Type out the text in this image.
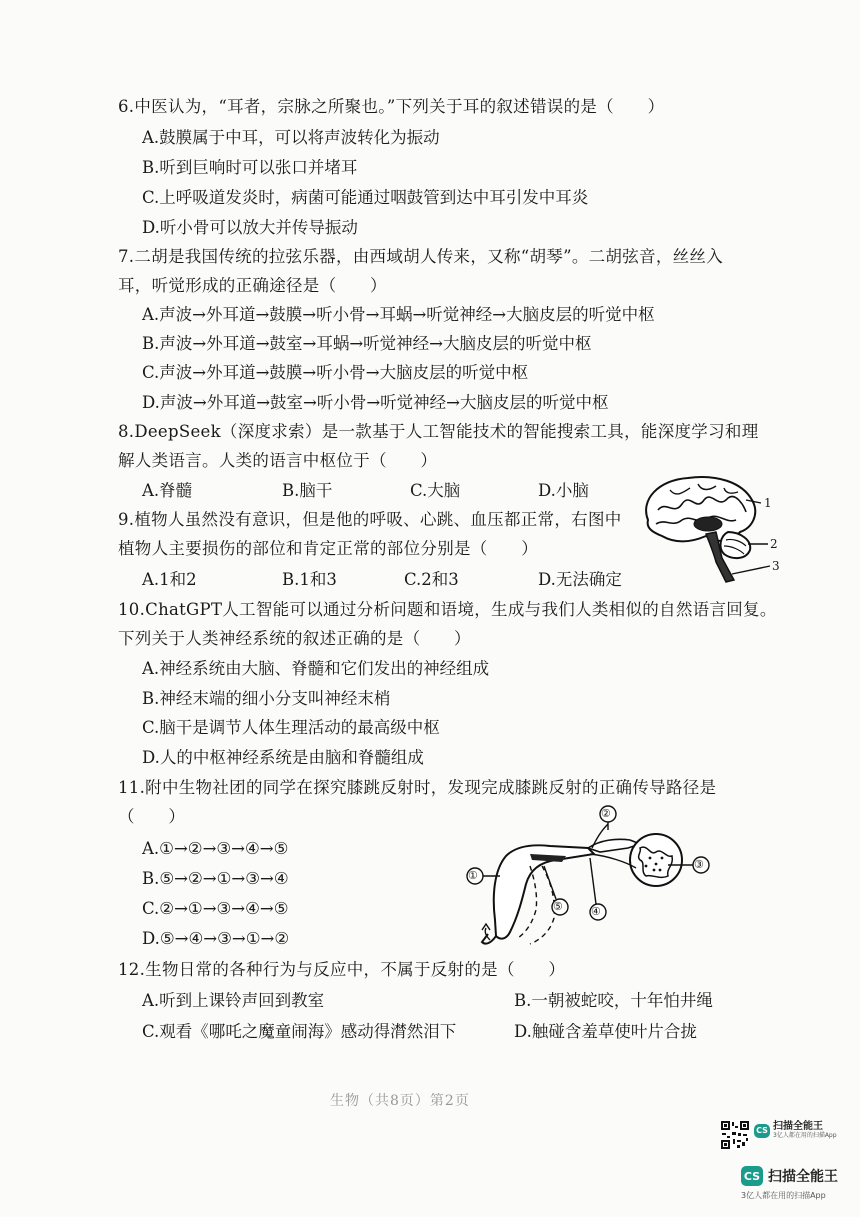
6.中医认为，“耳者，宗脉之所聚也。”下列关于耳的叙述错误的是（　　）
A.鼓膜属于中耳，可以将声波转化为振动
B.听到巨响时可以张口并堵耳
C.上呼吸道发炎时，病菌可能通过咽鼓管到达中耳引发中耳炎
D.听小骨可以放大并传导振动
7.二胡是我国传统的拉弦乐器，由西域胡人传来，又称“胡琴”。二胡弦音，丝丝入
耳，听觉形成的正确途径是（　　）
A.声波→外耳道→鼓膜→听小骨→耳蜗→听觉神经→大脑皮层的听觉中枢
B.声波→外耳道→鼓室→耳蜗→听觉神经→大脑皮层的听觉中枢
C.声波→外耳道→鼓膜→听小骨→大脑皮层的听觉中枢
D.声波→外耳道→鼓室→听小骨→听觉神经→大脑皮层的听觉中枢
8.DeepSeek（深度求索）是一款基于人工智能技术的智能搜索工具，能深度学习和理
解人类语言。人类的语言中枢位于（　　）
A.脊髓	B.脑干	C.大脑	D.小脑
9.植物人虽然没有意识，但是他的呼吸、心跳、血压都正常，右图中
植物人主要损伤的部位和肯定正常的部位分别是（　　）
A.1和2	B.1和3	C.2和3	D.无法确定
1
2
3
10.ChatGPT人工智能可以通过分析问题和语境，生成与我们人类相似的自然语言回复。
下列关于人类神经系统的叙述正确的是（　　）
A.神经系统由大脑、脊髓和它们发出的神经组成
B.神经末端的细小分支叫神经末梢
C.脑干是调节人体生理活动的最高级中枢
D.人的中枢神经系统是由脑和脊髓组成
11.附中生物社团的同学在探究膝跳反射时，发现完成膝跳反射的正确传导路径是
（　　）
A.①→②→③→④→⑤
B.⑤→②→①→③→④
C.②→①→③→④→⑤
D.⑤→④→③→①→②
②
③
①
⑤	④
12.生物日常的各种行为与反应中，不属于反射的是（　　）
A.听到上课铃声回到教室	B.一朝被蛇咬，十年怕井绳
C.观看《哪吒之魔童闹海》感动得潸然泪下	D.触碰含羞草使叶片合拢
生物（共8页）第2页
CS 扫描全能王
3亿人都在用的扫描App
CS 扫描全能王
3亿人都在用的扫描App
